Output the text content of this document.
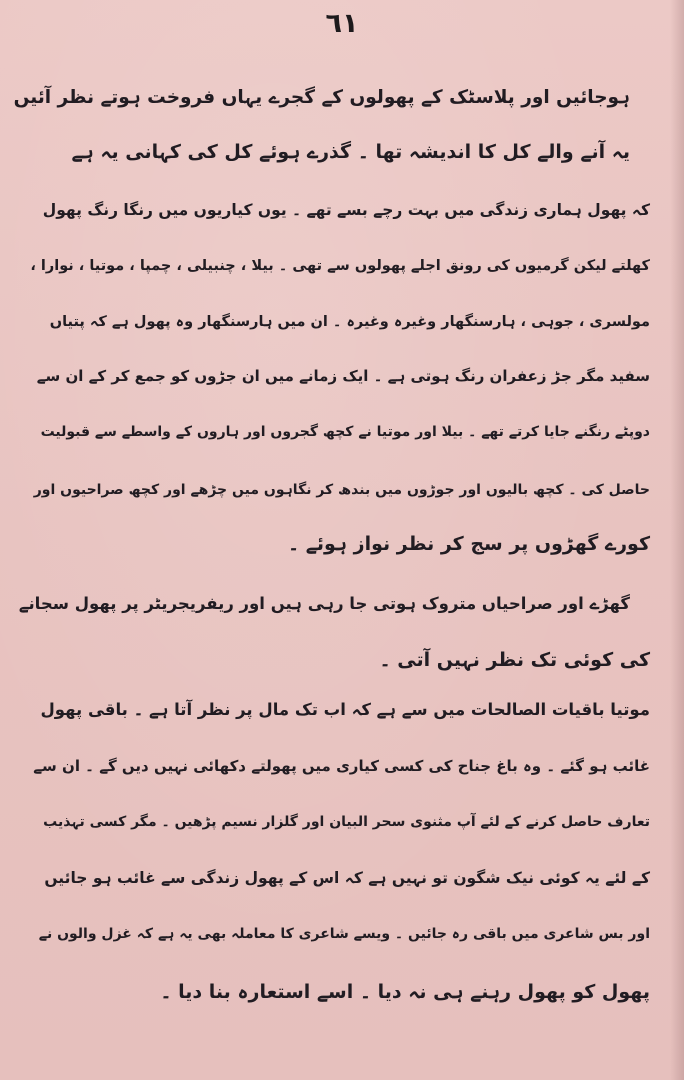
٦١
ہوجائیں اور پلاسٹک کے پھولوں کے گجرے یہاں فروخت ہوتے نظر آئیں
یہ آنے والے کل کا اندیشہ تھا ۔ گذرے ہوئے کل کی کہانی یہ ہے
کہ پھول ہماری زندگی میں بہت رچے بسے تھے ۔ یوں کیاریوں میں رنگا رنگ پھول
کھلتے لیکن گرمیوں کی رونق اجلے پھولوں سے تھی ۔ بیلا ، چنبیلی ، چمپا ، موتیا ، نوارا ،
مولسری ، جوہی ، ہارسنگھار وغیرہ وغیرہ ۔ ان میں ہارسنگھار وہ پھول ہے کہ پتیاں
سفید مگر جڑ زعفران رنگ ہوتی ہے ۔ ایک زمانے میں ان جڑوں کو جمع کر کے ان سے
دوپٹے رنگنے جایا کرتے تھے ۔ بیلا اور موتیا نے کچھ گجروں اور ہاروں کے واسطے سے قبولیت
حاصل کی ۔ کچھ بالیوں اور جوڑوں میں بندھ کر نگاہوں میں چڑھے اور کچھ صراحیوں اور
کورے گھڑوں پر سج کر نظر نواز ہوئے ۔
گھڑے اور صراحیاں متروک ہوتی جا رہی ہیں اور ریفریجریٹر پر پھول سجانے
کی کوئی تک نظر نہیں آتی ۔
موتیا باقیات الصالحات میں سے ہے کہ اب تک مال پر نظر آتا ہے ۔ باقی پھول
غائب ہو گئے ۔ وہ باغ جناح کی کسی کیاری میں پھولتے دکھائی نہیں دیں گے ۔ ان سے
تعارف حاصل کرنے کے لئے آپ مثنوی سحر البیان اور گلزار نسیم پڑھیں ۔ مگر کسی تہذیب
کے لئے یہ کوئی نیک شگون تو نہیں ہے کہ اس کے پھول زندگی سے غائب ہو جائیں
اور بس شاعری میں باقی رہ جائیں ۔ ویسے شاعری کا معاملہ بھی یہ ہے کہ غزل والوں نے
پھول کو پھول رہنے ہی نہ دیا ۔ اسے استعارہ بنا دیا ۔
